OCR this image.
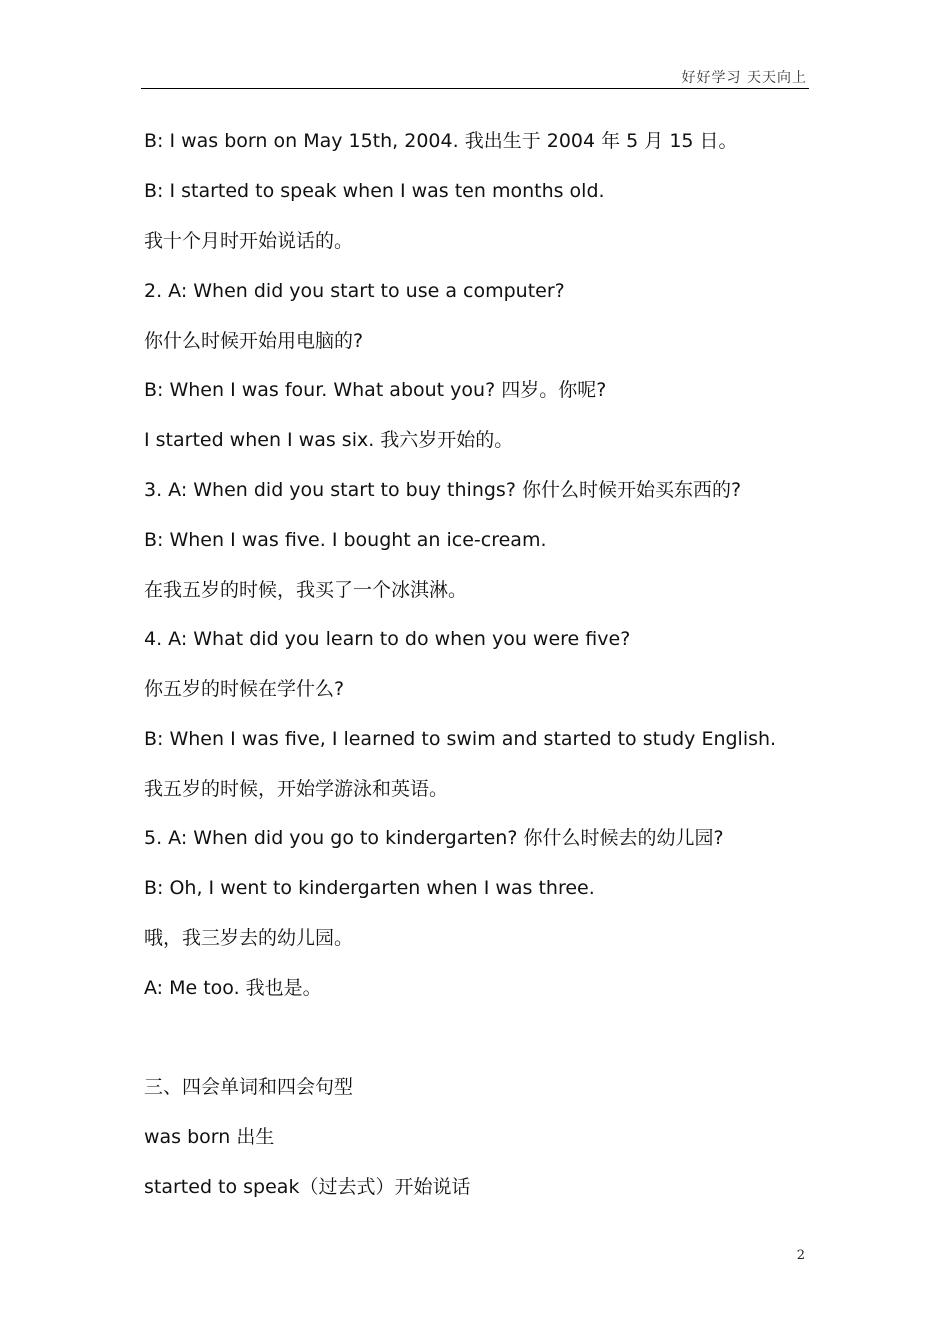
好好学习 天天向上
B: I was born on May 15th, 2004. 我出生于 2004 年 5 月 15 日。
B: I started to speak when I was ten months old.
我十个月时开始说话的。
2. A: When did you start to use a computer?
你什么时候开始用电脑的?
B: When I was four. What about you? 四岁。你呢?
I started when I was six. 我六岁开始的。
3. A: When did you start to buy things? 你什么时候开始买东西的?
B: When I was five. I bought an ice-cream.
在我五岁的时候，我买了一个冰淇淋。
4. A: What did you learn to do when you were five?
你五岁的时候在学什么?
B: When I was five, I learned to swim and started to study English.
我五岁的时候，开始学游泳和英语。
5. A: When did you go to kindergarten? 你什么时候去的幼儿园?
B: Oh, I went to kindergarten when I was three.
哦，我三岁去的幼儿园。
A: Me too. 我也是。
三、四会单词和四会句型
was born 出生
started to speak（过去式）开始说话
2
